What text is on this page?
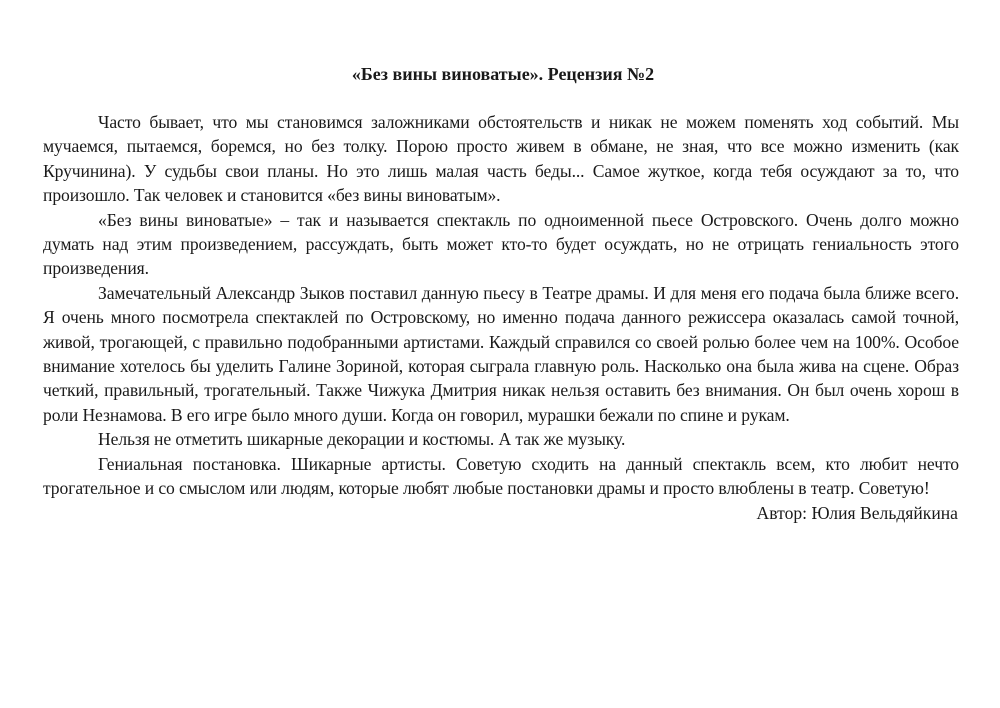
«Без вины виноватые». Рецензия №2

Часто бывает, что мы становимся заложниками обстоятельств и никак не можем поменять ход событий. Мы мучаемся, пытаемся, боремся, но без толку. Порою просто живем в обмане, не зная, что все можно изменить (как Кручинина). У судьбы свои планы. Но это лишь малая часть беды... Самое жуткое, когда тебя осуждают за то, что произошло. Так человек и становится «без вины виноватым».

«Без вины виноватые» – так и называется спектакль по одноименной пьесе Островского. Очень долго можно думать над этим произведением, рассуждать, быть может кто-то будет осуждать, но не отрицать гениальность этого произведения.

Замечательный Александр Зыков поставил данную пьесу в Театре драмы. И для меня его подача была ближе всего. Я очень много посмотрела спектаклей по Островскому, но именно подача данного режиссера оказалась самой точной, живой, трогающей, с правильно подобранными артистами. Каждый справился со своей ролью более чем на 100%. Особое внимание хотелось бы уделить Галине Зориной, которая сыграла главную роль. Насколько она была жива на сцене. Образ четкий, правильный, трогательный. Также Чижука Дмитрия никак нельзя оставить без внимания. Он был очень хорош в роли Незнамова. В его игре было много души. Когда он говорил, мурашки бежали по спине и рукам.

Нельзя не отметить шикарные декорации и костюмы. А так же музыку.

Гениальная постановка. Шикарные артисты. Советую сходить на данный спектакль всем, кто любит нечто трогательное и со смыслом или людям, которые любят любые постановки драмы и просто влюблены в театр. Советую!

Автор: Юлия Вельдяйкина
